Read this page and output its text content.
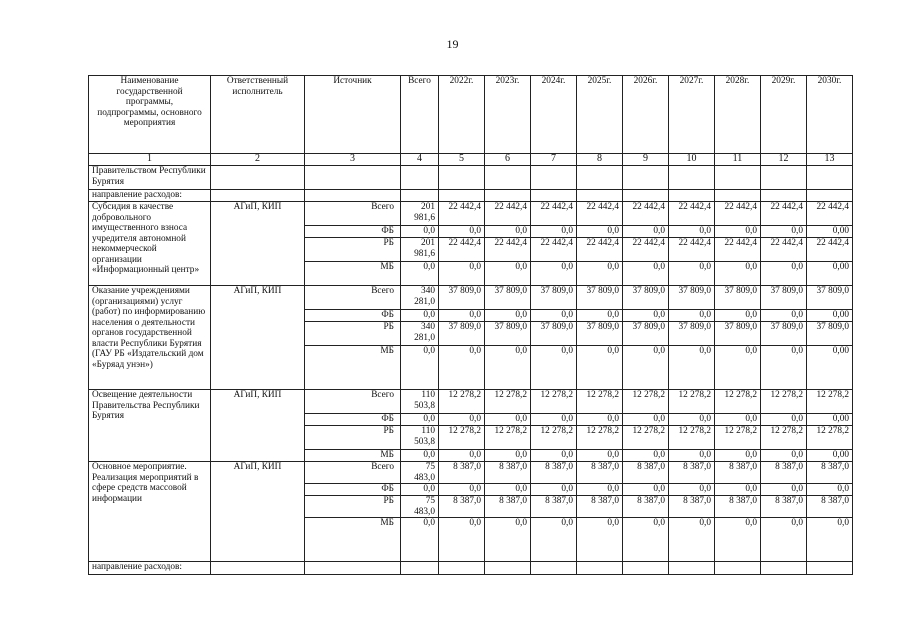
19
Наименование государственной программы, подпрограммы, основного мероприятия	Ответственный исполнитель	Источник	Всего	2022г.	2023г.	2024г.	2025г.	2026г.	2027г.	2028г.	2029г.	2030г.
1	2	3	4	5	6	7	8	9	10	11	12	13
Правительством Республики Бурятия												
направление расходов:												
Субсидия в качестве добровольного имущественного взноса учредителя автономной некоммерческой организации «Информационный центр»	АГиП, КИП	Всего	201 981,6	22 442,4	22 442,4	22 442,4	22 442,4	22 442,4	22 442,4	22 442,4	22 442,4	22 442,4
		ФБ	0,0	0,0	0,0	0,0	0,0	0,0	0,0	0,0	0,0	0,00
		РБ	201 981,6	22 442,4	22 442,4	22 442,4	22 442,4	22 442,4	22 442,4	22 442,4	22 442,4	22 442,4
		МБ	0,0	0,0	0,0	0,0	0,0	0,0	0,0	0,0	0,0	0,00
Оказание учреждениями (организациями) услуг (работ) по информированию населения о деятельности органов государственной власти Республики Бурятия (ГАУ РБ «Издательский дом «Буряад унэн»)	АГиП, КИП	Всего	340 281,0	37 809,0	37 809,0	37 809,0	37 809,0	37 809,0	37 809,0	37 809,0	37 809,0	37 809,0
		ФБ	0,0	0,0	0,0	0,0	0,0	0,0	0,0	0,0	0,0	0,00
		РБ	340 281,0	37 809,0	37 809,0	37 809,0	37 809,0	37 809,0	37 809,0	37 809,0	37 809,0	37 809,0
		МБ	0,0	0,0	0,0	0,0	0,0	0,0	0,0	0,0	0,0	0,00
Освещение деятельности Правительства Республики Бурятия	АГиП, КИП	Всего	110 503,8	12 278,2	12 278,2	12 278,2	12 278,2	12 278,2	12 278,2	12 278,2	12 278,2	12 278,2
		ФБ	0,0	0,0	0,0	0,0	0,0	0,0	0,0	0,0	0,0	0,00
		РБ	110 503,8	12 278,2	12 278,2	12 278,2	12 278,2	12 278,2	12 278,2	12 278,2	12 278,2	12 278,2
		МБ	0,0	0,0	0,0	0,0	0,0	0,0	0,0	0,0	0,0	0,00
Основное мероприятие. Реализация мероприятий в сфере средств массовой информации	АГиП, КИП	Всего	75 483,0	8 387,0	8 387,0	8 387,0	8 387,0	8 387,0	8 387,0	8 387,0	8 387,0	8 387,0
		ФБ	0,0	0,0	0,0	0,0	0,0	0,0	0,0	0,0	0,0	0,0
		РБ	75 483,0	8 387,0	8 387,0	8 387,0	8 387,0	8 387,0	8 387,0	8 387,0	8 387,0	8 387,0
		МБ	0,0	0,0	0,0	0,0	0,0	0,0	0,0	0,0	0,0	0,0
направление расходов:												
